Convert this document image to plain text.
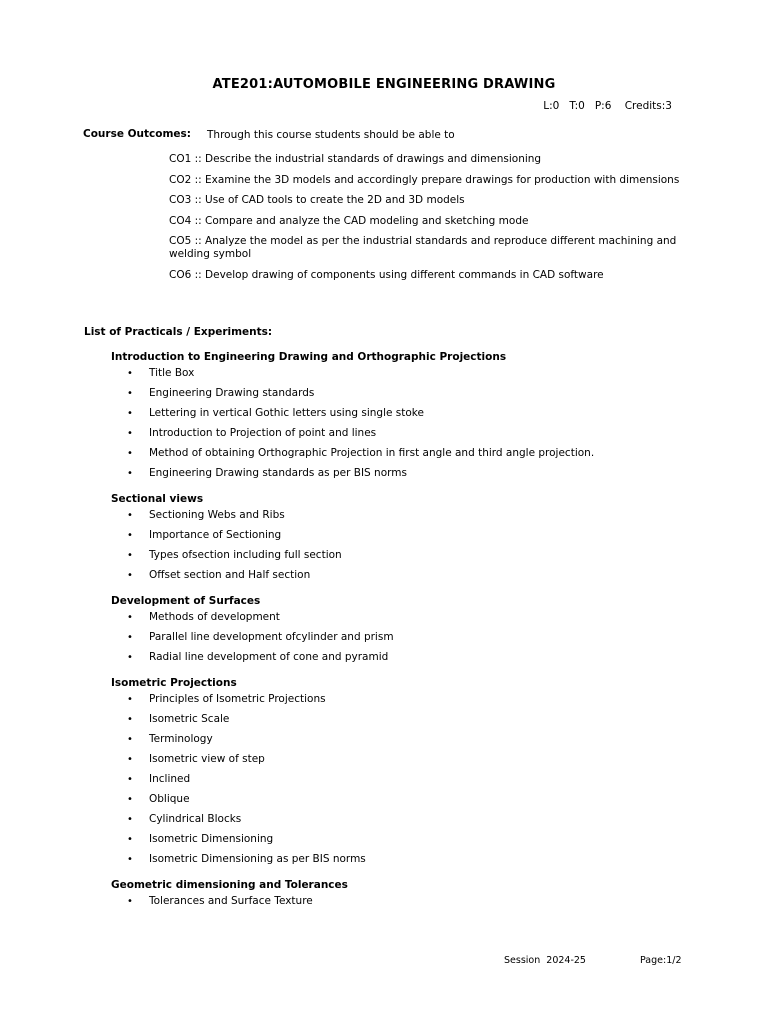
ATE201:AUTOMOBILE ENGINEERING DRAWING
L:0   T:0   P:6    Credits:3
Course Outcomes: Through this course students should be able to
CO1 :: Describe the industrial standards of drawings and dimensioning
CO2 :: Examine the 3D models and accordingly prepare drawings for production with dimensions
CO3 :: Use of CAD tools to create the 2D and 3D models
CO4 :: Compare and analyze the CAD modeling and sketching mode
CO5 :: Analyze the model as per the industrial standards and reproduce different machining and welding symbol
CO6 :: Develop drawing of components using different commands in CAD software
List of Practicals / Experiments:
Introduction to Engineering Drawing and Orthographic Projections
• Title Box
• Engineering Drawing standards
• Lettering in vertical Gothic letters using single stoke
• Introduction to Projection of point and lines
• Method of obtaining Orthographic Projection in first angle and third angle projection.
• Engineering Drawing standards as per BIS norms
Sectional views
• Sectioning Webs and Ribs
• Importance of Sectioning
• Types ofsection including full section
• Offset section and Half section
Development of Surfaces
• Methods of development
• Parallel line development ofcylinder and prism
• Radial line development of cone and pyramid
Isometric Projections
• Principles of Isometric Projections
• Isometric Scale
• Terminology
• Isometric view of step
• Inclined
• Oblique
• Cylindrical Blocks
• Isometric Dimensioning
• Isometric Dimensioning as per BIS norms
Geometric dimensioning and Tolerances
• Tolerances and Surface Texture
Session  2024-25	Page:1/2
